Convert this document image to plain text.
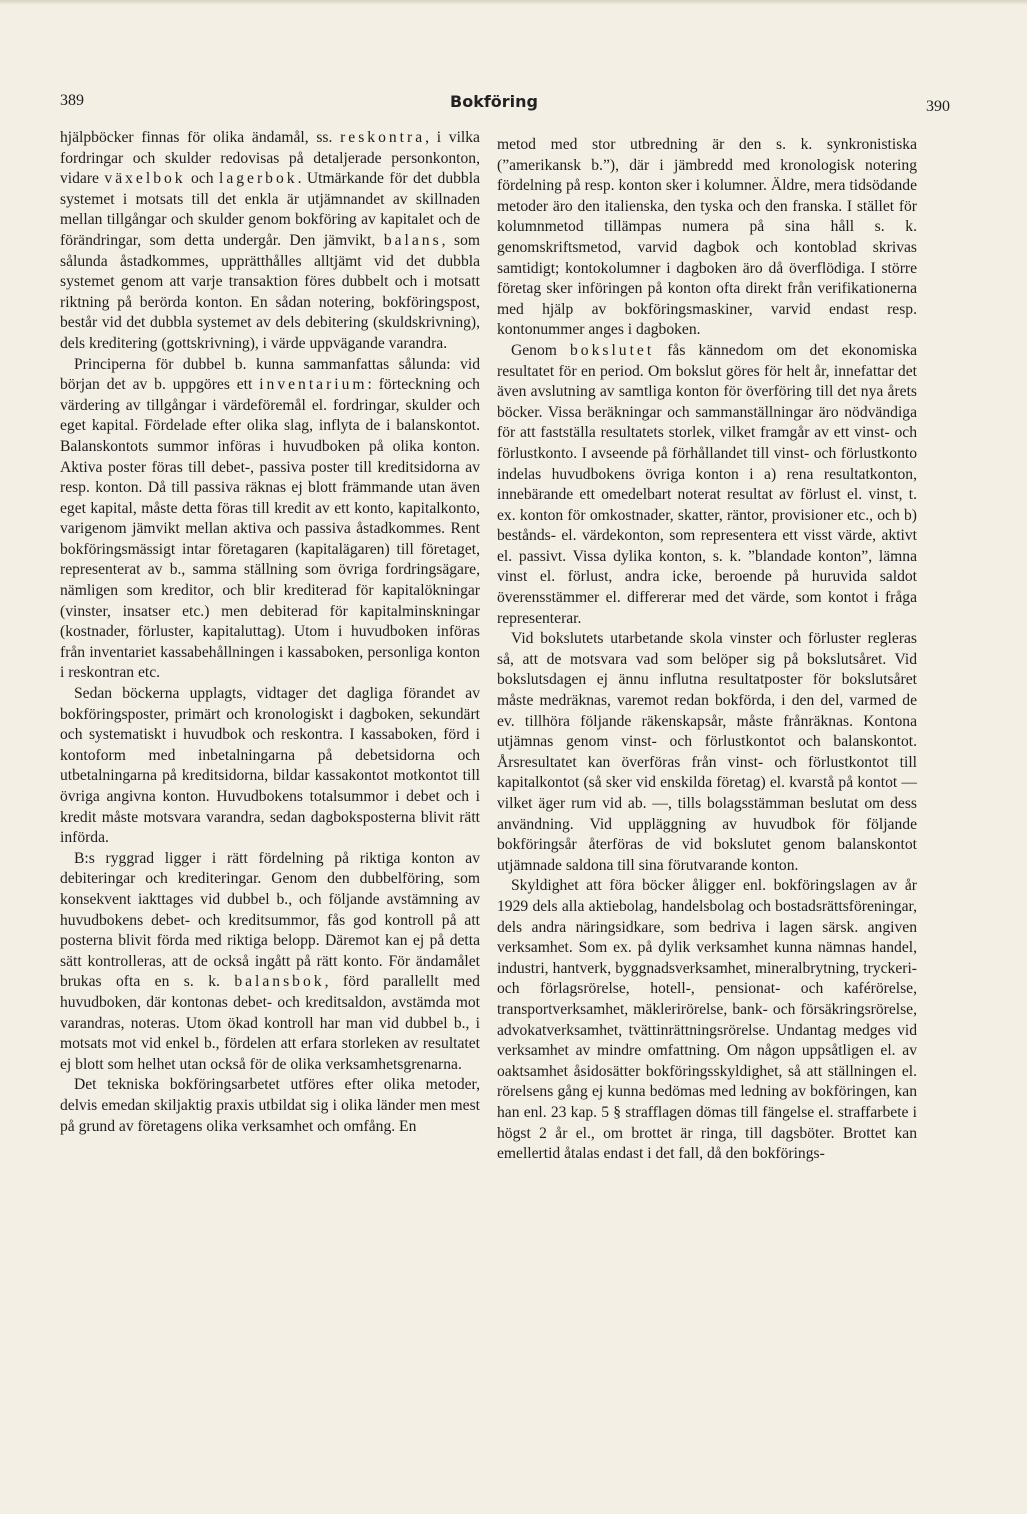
389	Bokföring	390

hjälpböcker finnas för olika ändamål, ss. reskontra, i vilka fordringar och skulder redovisas på detaljerade personkonton, vidare växelbok och lagerbok. Utmärkande för det dubbla systemet i motsats till det enkla är utjämnandet av skillnaden mellan tillgångar och skulder genom bokföring av kapitalet och de förändringar, som detta undergår. Den jämvikt, balans, som sålunda åstadkommes, upprätthålles alltjämt vid det dubbla systemet genom att varje transaktion föres dubbelt och i motsatt riktning på berörda konton. En sådan notering, bokföringspost, består vid det dubbla systemet av dels debitering (skuldskrivning), dels kreditering (gottskrivning), i värde uppvägande varandra.

Principerna för dubbel b. kunna sammanfattas sålunda: vid början det av b. uppgöres ett inventarium: förteckning och värdering av tillgångar i värdeföremål el. fordringar, skulder och eget kapital. Fördelade efter olika slag, inflyta de i balanskontot. Balanskontots summor införas i huvudboken på olika konton. Aktiva poster föras till debet-, passiva poster till kreditsidorna av resp. konton. Då till passiva räknas ej blott främmande utan även eget kapital, måste detta föras till kredit av ett konto, kapitalkonto, varigenom jämvikt mellan aktiva och passiva åstadkommes. Rent bokföringsmässigt intar företagaren (kapitalägaren) till företaget, representerat av b., samma ställning som övriga fordringsägare, nämligen som kreditor, och blir krediterad för kapitalökningar (vinster, insatser etc.) men debiterad för kapitalminskningar (kostnader, förluster, kapitaluttag). Utom i huvudboken införas från inventariet kassabehållningen i kassaboken, personliga konton i reskontran etc.

Sedan böckerna upplagts, vidtager det dagliga förandet av bokföringsposter, primärt och kronologiskt i dagboken, sekundärt och systematiskt i huvudbok och reskontra. I kassaboken, förd i kontoform med inbetalningarna på debetsidorna och utbetalningarna på kreditsidorna, bildar kassakontot motkontot till övriga angivna konton. Huvudbokens totalsummor i debet och i kredit måste motsvara varandra, sedan dagboksposterna blivit rätt införda.

B:s ryggrad ligger i rätt fördelning på riktiga konton av debiteringar och krediteringar. Genom den dubbelföring, som konsekvent iakttages vid dubbel b., och följande avstämning av huvudbokens debet- och kreditsummor, fås god kontroll på att posterna blivit förda med riktiga belopp. Däremot kan ej på detta sätt kontrolleras, att de också ingått på rätt konto. För ändamålet brukas ofta en s. k. balansbok, förd parallellt med huvudboken, där kontonas debet- och kreditsaldon, avstämda mot varandras, noteras. Utom ökad kontroll har man vid dubbel b., i motsats mot vid enkel b., fördelen att erfara storleken av resultatet ej blott som helhet utan också för de olika verksamhetsgrenarna.

Det tekniska bokföringsarbetet utföres efter olika metoder, delvis emedan skiljaktig praxis utbildat sig i olika länder men mest på grund av företagens olika verksamhet och omfång. En

metod med stor utbredning är den s. k. synkronistiska (”amerikansk b.”), där i jämbredd med kronologisk notering fördelning på resp. konton sker i kolumner. Äldre, mera tidsödande metoder äro den italienska, den tyska och den franska. I stället för kolumnmetod tillämpas numera på sina håll s. k. genomskriftsmetod, varvid dagbok och kontoblad skrivas samtidigt; kontokolumner i dagboken äro då överflödiga. I större företag sker införingen på konton ofta direkt från verifikationerna med hjälp av bokföringsmaskiner, varvid endast resp. kontonummer anges i dagboken.

Genom bokslutet fås kännedom om det ekonomiska resultatet för en period. Om bokslut göres för helt år, innefattar det även avslutning av samtliga konton för överföring till det nya årets böcker. Vissa beräkningar och sammanställningar äro nödvändiga för att fastställa resultatets storlek, vilket framgår av ett vinst- och förlustkonto. I avseende på förhållandet till vinst- och förlustkonto indelas huvudbokens övriga konton i a) rena resultatkonton, innebärande ett omedelbart noterat resultat av förlust el. vinst, t. ex. konton för omkostnader, skatter, räntor, provisioner etc., och b) bestånds- el. värdekonton, som representera ett visst värde, aktivt el. passivt. Vissa dylika konton, s. k. ”blandade konton”, lämna vinst el. förlust, andra icke, beroende på huruvida saldot överensstämmer el. differerar med det värde, som kontot i fråga representerar.

Vid bokslutets utarbetande skola vinster och förluster regleras så, att de motsvara vad som belöper sig på bokslutsåret. Vid bokslutsdagen ej ännu influtna resultatposter för bokslutsåret måste medräknas, varemot redan bokförda, i den del, varmed de ev. tillhöra följande räkenskapsår, måste frånräknas. Kontona utjämnas genom vinst- och förlustkontot och balanskontot. Årsresultatet kan överföras från vinst- och förlustkontot till kapitalkontot (så sker vid enskilda företag) el. kvarstå på kontot — vilket äger rum vid ab. —, tills bolagsstämman beslutat om dess användning. Vid uppläggning av huvudbok för följande bokföringsår återföras de vid bokslutet genom balanskontot utjämnade saldona till sina förutvarande konton.

Skyldighet att föra böcker åligger enl. bokföringslagen av år 1929 dels alla aktiebolag, handelsbolag och bostadsrättsföreningar, dels andra näringsidkare, som bedriva i lagen särsk. angiven verksamhet. Som ex. på dylik verksamhet kunna nämnas handel, industri, hantverk, byggnadsverksamhet, mineralbrytning, tryckeri- och förlagsrörelse, hotell-, pensionat- och kaférörelse, transportverksamhet, mäklerirörelse, bank- och försäkringsrörelse, advokatverksamhet, tvättinrättningsrörelse. Undantag medges vid verksamhet av mindre omfattning. Om någon uppsåtligen el. av oaktsamhet åsidosätter bokföringsskyldighet, så att ställningen el. rörelsens gång ej kunna bedömas med ledning av bokföringen, kan han enl. 23 kap. 5 § strafflagen dömas till fängelse el. straffarbete i högst 2 år el., om brottet är ringa, till dagsböter. Brottet kan emellertid åtalas endast i det fall, då den bokförings-
